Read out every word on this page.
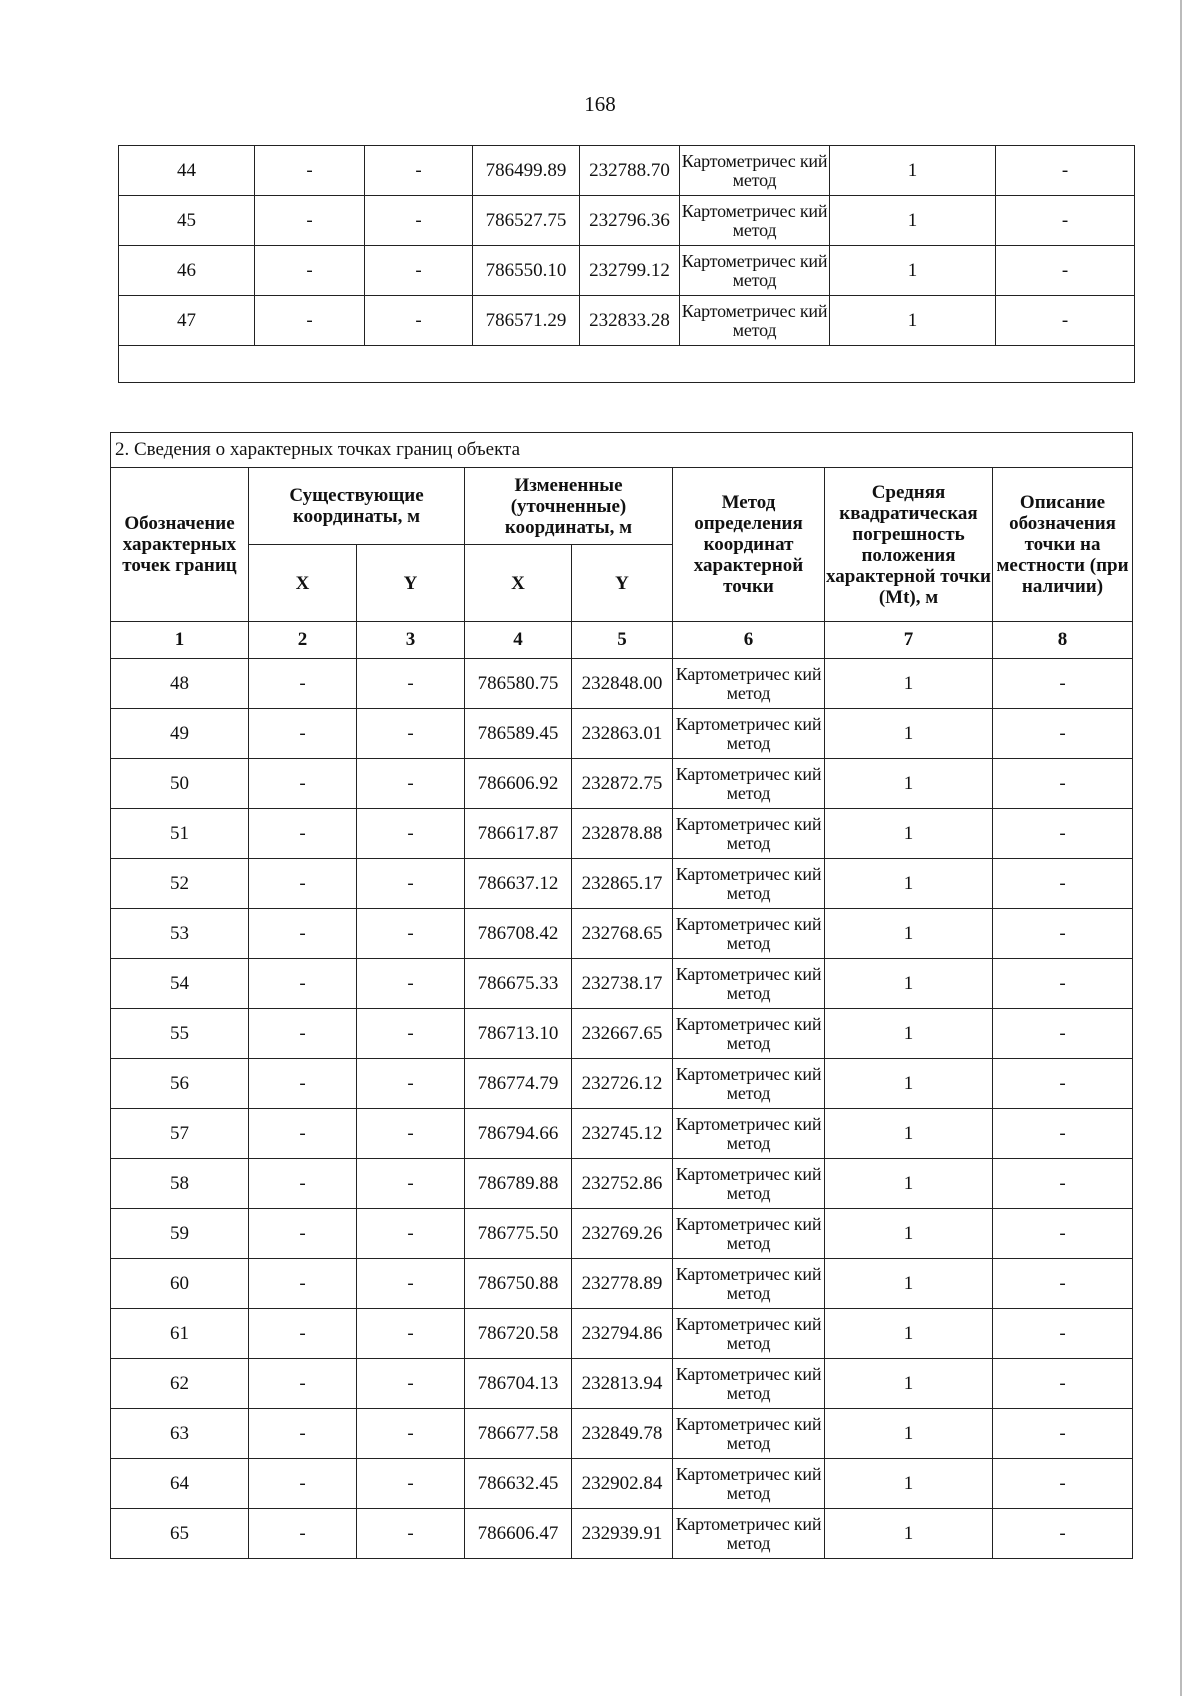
168
44	-	-	786499.89	232788.70	Картометричес кий метод	1	-
45	-	-	786527.75	232796.36	Картометричес кий метод	1	-
46	-	-	786550.10	232799.12	Картометричес кий метод	1	-
47	-	-	786571.29	232833.28	Картометричес кий метод	1	-

2. Сведения о характерных точках границ объекта							
Обозначение характерных точек границ	Существующие координаты, м		Измененные (уточненные) координаты, м		Метод определения координат характерной точки	Средняя квадратическая погрешность положения характерной точки (Mt), м	Описание обозначения точки на местности (при наличии)
	X	Y	X	Y			
1	2	3	4	5	6	7	8
48	-	-	786580.75	232848.00	Картометричес кий метод	1	-
49	-	-	786589.45	232863.01	Картометричес кий метод	1	-
50	-	-	786606.92	232872.75	Картометричес кий метод	1	-
51	-	-	786617.87	232878.88	Картометричес кий метод	1	-
52	-	-	786637.12	232865.17	Картометричес кий метод	1	-
53	-	-	786708.42	232768.65	Картометричес кий метод	1	-
54	-	-	786675.33	232738.17	Картометричес кий метод	1	-
55	-	-	786713.10	232667.65	Картометричес кий метод	1	-
56	-	-	786774.79	232726.12	Картометричес кий метод	1	-
57	-	-	786794.66	232745.12	Картометричес кий метод	1	-
58	-	-	786789.88	232752.86	Картометричес кий метод	1	-
59	-	-	786775.50	232769.26	Картометричес кий метод	1	-
60	-	-	786750.88	232778.89	Картометричес кий метод	1	-
61	-	-	786720.58	232794.86	Картометричес кий метод	1	-
62	-	-	786704.13	232813.94	Картометричес кий метод	1	-
63	-	-	786677.58	232849.78	Картометричес кий метод	1	-
64	-	-	786632.45	232902.84	Картометричес кий метод	1	-
65	-	-	786606.47	232939.91	Картометричес кий метод	1	-
